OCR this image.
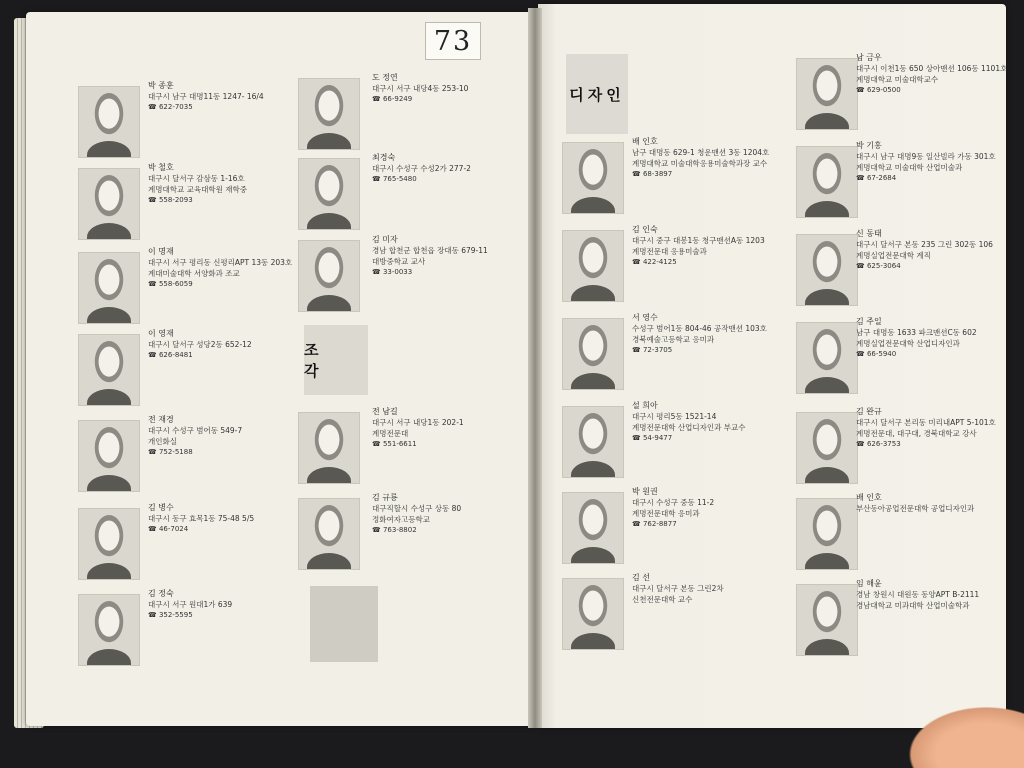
73
박 종훈
대구시 남구 대명11동 1247- 16/4
☎ 622-7035
박 철호
대구시 달서구 감삼동 1-16호
계명대학교 교육대학원 재학중
☎ 558-2093
이 명재
대구시 서구 평리동 신평리APT 13동 203호
계대미술대학 서양화과 조교
☎ 558-6059
이 영재
대구시 달서구 성당2동 652-12
☎ 626-8481
전 재경
대구시 수성구 범어동 549-7
개인화실
☎ 752-5188
김 병수
대구시 동구 효목1동 75-48 5/5
☎ 46-7024
김 정숙
대구시 서구 원대1가 639
☎ 352-5595
도 정연
대구시 서구 내당4동 253-10
☎ 66-9249
최경숙
대구시 수성구 수성2가 277-2
☎ 765-5480
김 미자
경남 합천군 합천읍 장대동 679-11
대방중학교 교사
☎ 33-0033
전 남길
대구시 서구 내당1동 202-1
계명전문대
☎ 551-6611
김 규룡
대구직할시 수성구 상동 80
정화여자고등학교
☎ 763-8802
조 각
디자인
배 인호
남구 대명동 629-1 청운맨션 3동 1204호
계명대학교 미술대학응용미술학과장 교수
☎ 68-3897
김 인숙
대구시 중구 대봉1동 청구맨션A동 1203
계명전문대 응용미술과
☎ 422-4125
서 영수
수성구 범어1동 804-46 공작맨션 103호
경북예술고등학교 응미과
☎ 72-3705
설 희아
대구시 평리5동 1521-14
계명전문대학 산업디자인과 부교수
☎ 54-9477
박 원권
대구시 수성구 중동 11-2
계명전문대학 응미과
☎ 762-8877
김 선
대구시 달서구 본동 그린2차
신천전문대학 교수
남 금우
대구시 이천1동 650 상아맨션 106동 1101호
계명대학교 미술대학교수
☎ 629-0500
박 기홍
대구시 남구 대명9동 일산빌라 가동 301호
계명대학교 미술대학 산업미술과
☎ 67-2684
신 동태
대구시 달서구 본동 235 그린 302동 106
계명실업전문대학 계직
☎ 625-3064
김 주일
남구 대명동 1633 파크맨션C동 602
계명실업전문대학 산업디자인과
☎ 66-5940
김 완규
대구시 달서구 본리동 미리내APT 5-101호
계명전문대, 대구대, 경북대학교 강사
☎ 626-3753
배 인호
부산동아공업전문대학 공업디자인과
임 해윤
경남 창원시 대원동 동양APT B-2111
경남대학교 미과대학 산업미술학과
